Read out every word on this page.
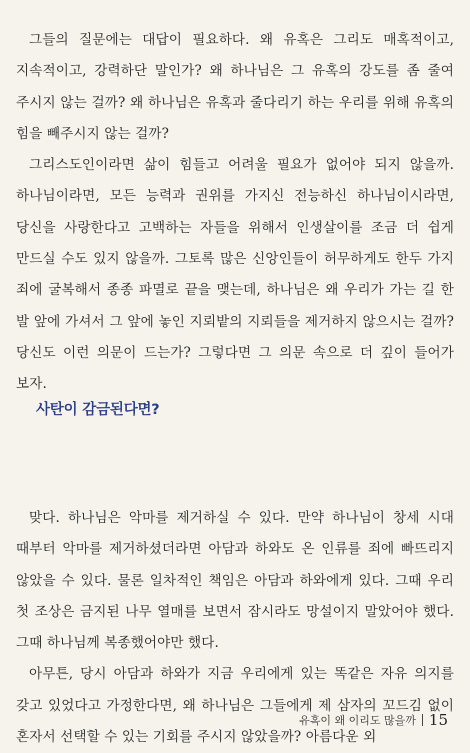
그들의 질문에는 대답이 필요하다. 왜 유혹은 그리도 매혹적이고, 지속적이고, 강력하단 말인가? 왜 하나님은 그 유혹의 강도를 좀 줄여 주시지 않는 걸까? 왜 하나님은 유혹과 줄다리기 하는 우리를 위해 유혹의 힘을 빼주시지 않는 걸까?

그리스도인이라면 삶이 힘들고 어려울 필요가 없어야 되지 않을까. 하나님이라면, 모든 능력과 권위를 가지신 전능하신 하나님이시라면, 당신을 사랑한다고 고백하는 자들을 위해서 인생살이를 조금 더 쉽게 만드실 수도 있지 않을까. 그토록 많은 신앙인들이 허무하게도 한두 가지 죄에 굴복해서 종종 파멸로 끝을 맺는데, 하나님은 왜 우리가 가는 길 한 발 앞에 가셔서 그 앞에 놓인 지뢰밭의 지뢰들을 제거하지 않으시는 걸까? 당신도 이런 의문이 드는가? 그렇다면 그 의문 속으로 더 깊이 들어가 보자.

사탄이 감금된다면?

맞다. 하나님은 악마를 제거하실 수 있다. 만약 하나님이 창세 시대 때부터 악마를 제거하셨더라면 아담과 하와도 온 인류를 죄에 빠뜨리지 않았을 수 있다. 물론 일차적인 책임은 아담과 하와에게 있다. 그때 우리 첫 조상은 금지된 나무 열매를 보면서 잠시라도 망설이지 말았어야 했다. 그때 하나님께 복종했어야만 했다.

아무튼, 당시 아담과 하와가 지금 우리에게 있는 똑같은 자유 의지를 갖고 있었다고 가정한다면, 왜 하나님은 그들에게 제 삼자의 꼬드김 없이 혼자서 선택할 수 있는 기회를 주시지 않았을까? 아름다운 외

유혹이 왜 이리도 많을까 15
